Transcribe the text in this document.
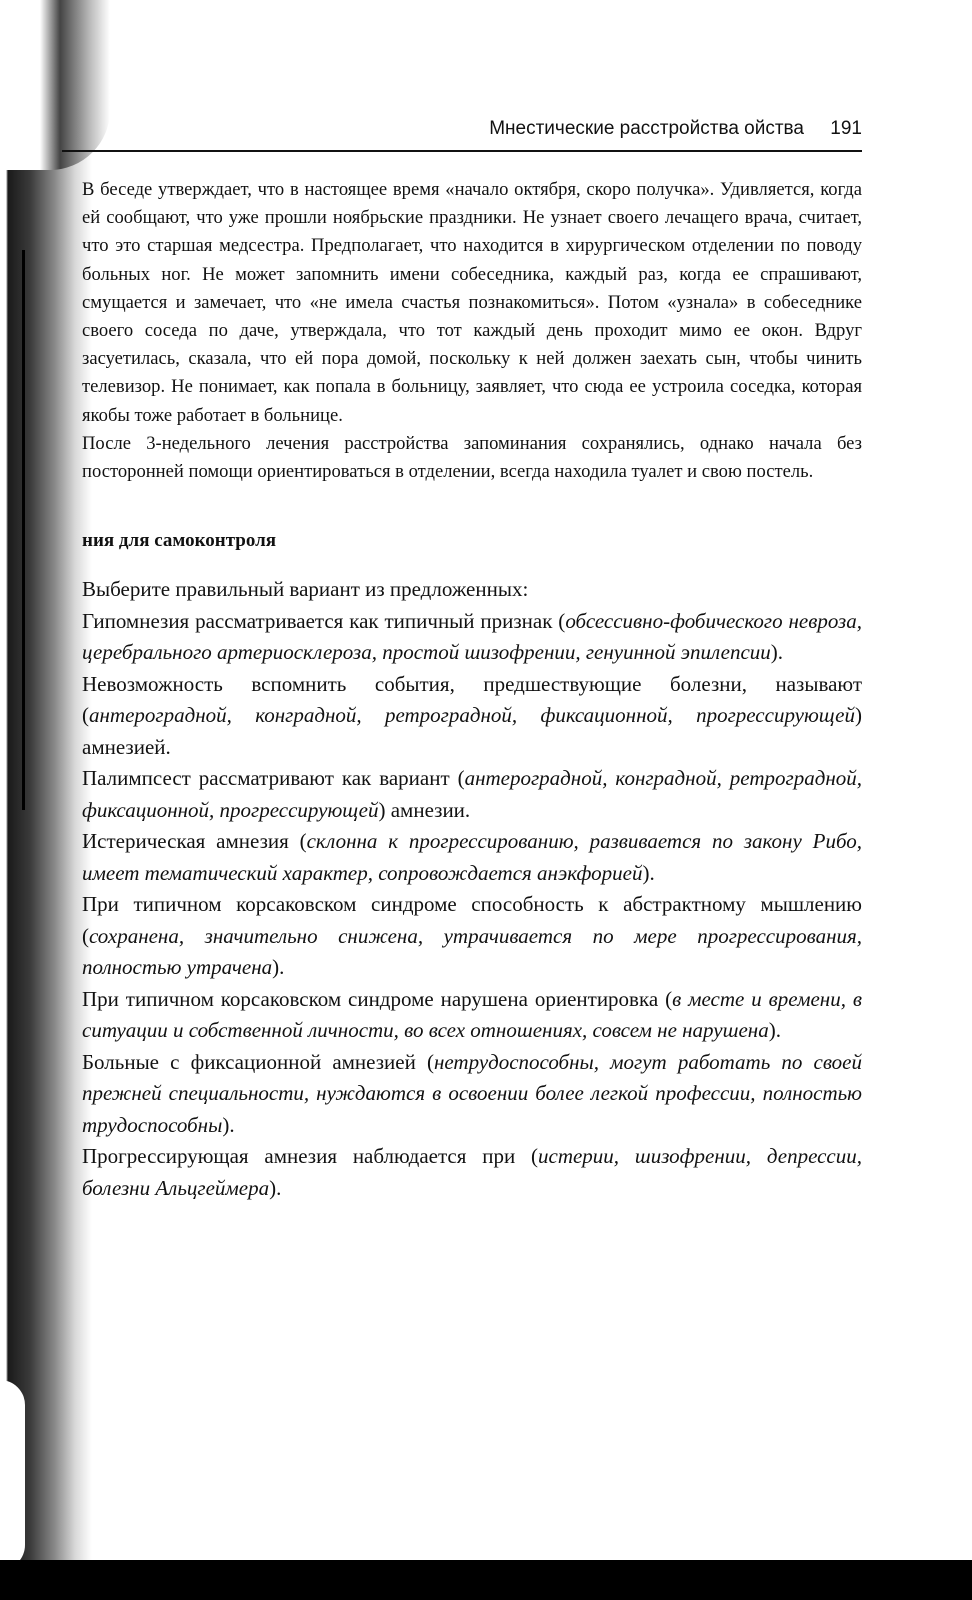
Мнестические расстройства ойства 191

В беседе утверждает, что в настоящее время «начало октября, скоро получка». Удивляется, когда ей сообщают, что уже прошли ноябрьские праздники. Не узнает своего лечащего врача, считает, что это старшая медсестра. Предполагает, что находится в хирургическом отделении по поводу больных ног. Не может запомнить имени собеседника, каждый раз, когда ее спрашивают, смущается и замечает, что «не имела счастья познакомиться». Потом «узнала» в собеседнике своего соседа по даче, утверждала, что тот каждый день проходит мимо ее окон. Вдруг засуетилась, сказала, что ей пора домой, поскольку к ней должен заехать сын, чтобы чинить телевизор. Не понимает, как попала в больницу, заявляет, что сюда ее устроила соседка, которая якобы тоже работает в больнице.

После 3-недельного лечения расстройства запоминания сохранялись, однако начала без посторонней помощи ориентироваться в отделении, всегда находила туалет и свою постель.

ния для самоконтроля

Выберите правильный вариант из предложенных:

Гипомнезия рассматривается как типичный признак (обсессивно-фобического невроза, церебрального артериосклероза, простой шизофрении, генуинной эпилепсии).
Невозможность вспомнить события, предшествующие болезни, называют (антероградной, конградной, ретроградной, фиксационной, прогрессирующей) амнезией.
Палимпсест рассматривают как вариант (антероградной, конградной, ретроградной, фиксационной, прогрессирующей) амнезии.
Истерическая амнезия (склонна к прогрессированию, развивается по закону Рибо, имеет тематический характер, сопровождается анэкфорией).
При типичном корсаковском синдроме способность к абстрактному мышлению (сохранена, значительно снижена, утрачивается по мере прогрессирования, полностью утрачена).
При типичном корсаковском синдроме нарушена ориентировка (в месте и времени, в ситуации и собственной личности, во всех отношениях, совсем не нарушена).
Больные с фиксационной амнезией (нетрудоспособны, могут работать по своей прежней специальности, нуждаются в освоении более легкой профессии, полностью трудоспособны).
Прогрессирующая амнезия наблюдается при (истерии, шизофрении, депрессии, болезни Альцгеймера).
